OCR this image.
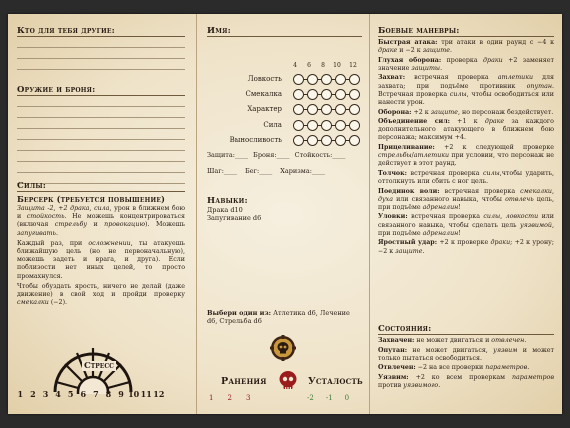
Кто для тебя другие:
Оружие и броня:
Силы:
Берсерк (требуется повышение)

Защита -2, +2 драка, сила, урон в ближнем бою и стойкость. Не можешь концентрироваться (включая стрельбу и провокацию). Можешь запугивать.

Каждый раз, при осложнении, ты атакуешь ближайшую цель (но не первоначальную), можешь задеть и врага, и друга). Если поблизости нет иных целей, то просто промахнулся.

Чтобы обуздать ярость, ничего не делай (даже движение) в свой ход и пройди проверку смекалки (−2).

Стресс
1 2 3 4 5 6 7 8 9 101112
Имя:
4	6	8	10 12
Ловкость
Смекалка
Характер
Сила
Выносливость
Защита:____ Броня:____ Стойкость:____
Шаг:____ Бег:____ Харизма:____
Навыки:
Драка d10
Запугивание d6
Выбери один из: Атлетика d6, Лечение d6, Стрельба d6
Ранения	Усталость
1 2 3	-2 -1 0
Боевые маневры:

Быстрая атака: три атаки в один раунд с −4 к драке и −2 к защите.

Глухая оборона: проверка драки +2 заменяет значение защиты.

Захват: встречная проверка атлетики для захвата; при подъёме противник опутан. Встречная проверка силы, чтобы освободиться или нанести урон.

Оборона: +2 к защите, но персонаж бездействует.

Объединение сил: +1 к драке за каждого дополнительного атакующего в ближнем бою персонажа; максимум +4.

Прицеливание: +2 к следующей проверке стрельбы/атлетики при условии, что персонаж не действует в этот раунд.

Толчок: встречная проверка силы,чтобы ударить, оттолкнуть или сбить с ног цель.

Поединок воли: встречная проверка смекалки, духа или связанного навыка, чтобы отвлечь цель, при подъёме адреналин!

Уловки: встречная проверка силы, ловкости или связанного навыка, чтобы сделать цель уязвимой, при подъёме адреналин!

Яростный удар: +2 к проверке драки; +2 к урону; −2 к защите.

Состояния:

Захвачен: не может двигаться и отвлечен.

Опутан: не может двигаться, уязвим и может только пытаться освободиться.

Отвлечен: −2 на все проверки параметров.

Уязвим: +2 ко всем проверкам параметров против уязвимого.
